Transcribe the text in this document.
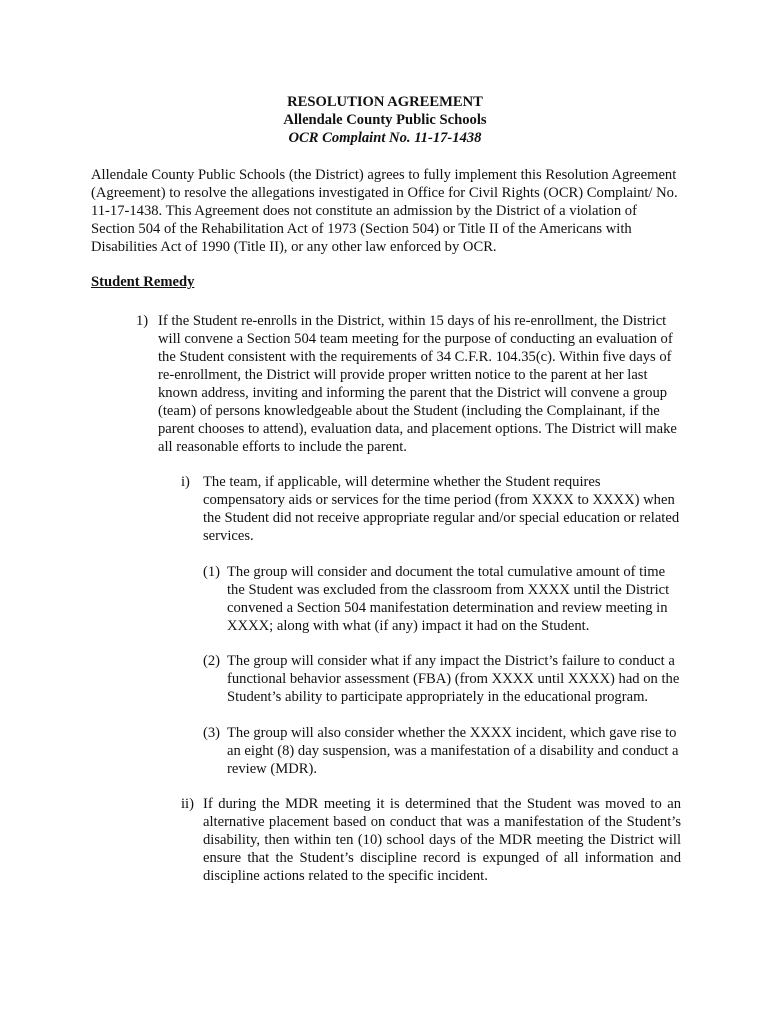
RESOLUTION AGREEMENT
Allendale County Public Schools
OCR Complaint No. 11-17-1438
Allendale County Public Schools (the District) agrees to fully implement this Resolution Agreement (Agreement) to resolve the allegations investigated in Office for Civil Rights (OCR) Complaint/ No. 11-17-1438. This Agreement does not constitute an admission by the District of a violation of Section 504 of the Rehabilitation Act of 1973 (Section 504) or Title II of the Americans with Disabilities Act of 1990 (Title II), or any other law enforced by OCR.
Student Remedy
1) If the Student re-enrolls in the District, within 15 days of his re-enrollment, the District will convene a Section 504 team meeting for the purpose of conducting an evaluation of the Student consistent with the requirements of 34 C.F.R. 104.35(c). Within five days of re-enrollment, the District will provide proper written notice to the parent at her last known address, inviting and informing the parent that the District will convene a group (team) of persons knowledgeable about the Student (including the Complainant, if the parent chooses to attend), evaluation data, and placement options. The District will make all reasonable efforts to include the parent.
i) The team, if applicable, will determine whether the Student requires compensatory aids or services for the time period (from XXXX to XXXX) when the Student did not receive appropriate regular and/or special education or related services.
(1) The group will consider and document the total cumulative amount of time the Student was excluded from the classroom from XXXX until the District convened a Section 504 manifestation determination and review meeting in XXXX; along with what (if any) impact it had on the Student.
(2) The group will consider what if any impact the District’s failure to conduct a functional behavior assessment (FBA) (from XXXX until XXXX) had on the Student’s ability to participate appropriately in the educational program.
(3) The group will also consider whether the XXXX incident, which gave rise to an eight (8) day suspension, was a manifestation of a disability and conduct a review (MDR).
ii) If during the MDR meeting it is determined that the Student was moved to an alternative placement based on conduct that was a manifestation of the Student’s disability, then within ten (10) school days of the MDR meeting the District will ensure that the Student’s discipline record is expunged of all information and discipline actions related to the specific incident.
